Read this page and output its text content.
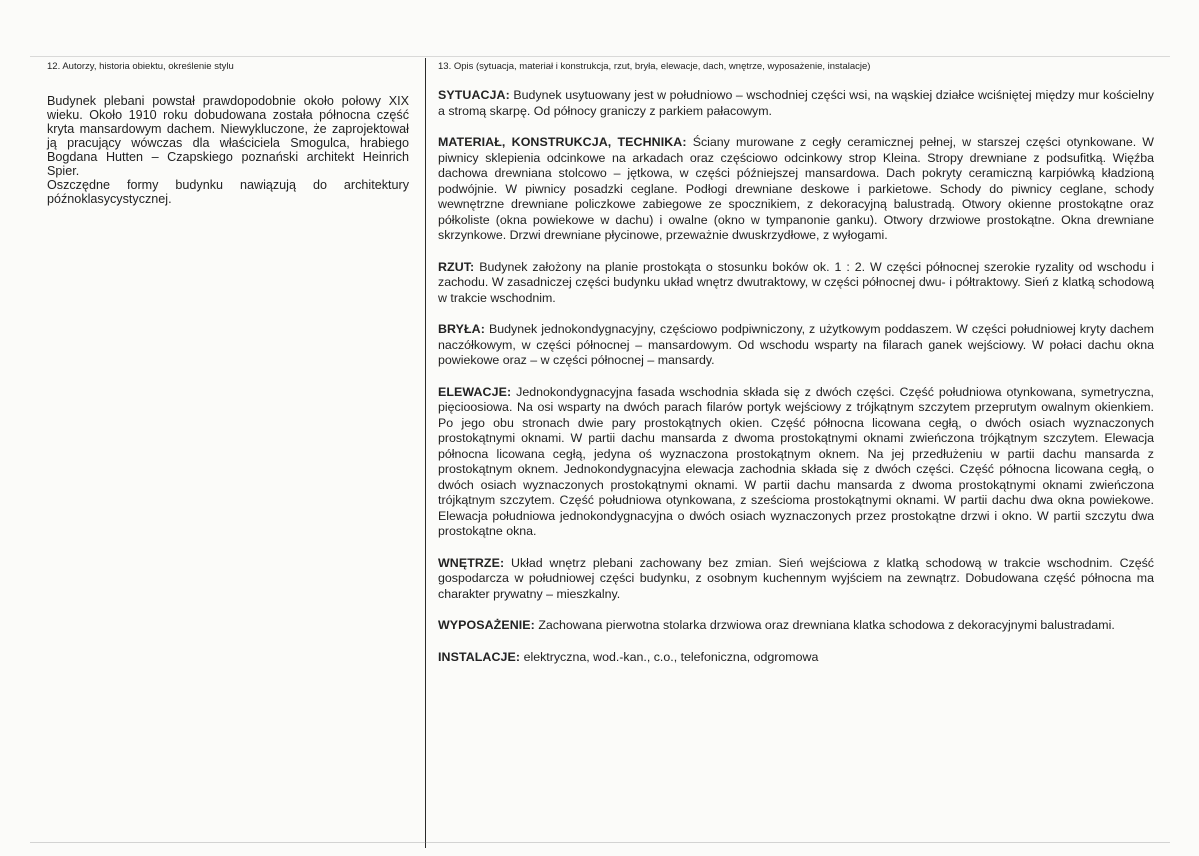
12. Autorzy, historia obiektu, określenie stylu

Budynek plebani powstał prawdopodobnie około połowy XIX wieku. Około 1910 roku dobudowana została północna część kryta mansardowym dachem. Niewykluczone, że zaprojektował ją pracujący wówczas dla właściciela Smogulca, hrabiego Bogdana Hutten – Czapskiego poznański architekt Heinrich Spier.

Oszczędne formy budynku nawiązują do architektury późnoklasycystycznej.

13. Opis (sytuacja, materiał i konstrukcja, rzut, bryła, elewacje, dach, wnętrze, wyposażenie, instalacje)

SYTUACJA: Budynek usytuowany jest w południowo – wschodniej części wsi, na wąskiej działce wciśniętej między mur kościelny a stromą skarpę. Od północy graniczy z parkiem pałacowym.

MATERIAŁ, KONSTRUKCJA, TECHNIKA: Ściany murowane z cegły ceramicznej pełnej, w starszej części otynkowane. W piwnicy sklepienia odcinkowe na arkadach oraz częściowo odcinkowy strop Kleina. Stropy drewniane z podsufitką. Więźba dachowa drewniana stolcowo – jętkowa, w części późniejszej mansardowa. Dach pokryty ceramiczną karpiówką kładzioną podwójnie. W piwnicy posadzki ceglane. Podłogi drewniane deskowe i parkietowe. Schody do piwnicy ceglane, schody wewnętrzne drewniane policzkowe zabiegowe ze spocznikiem, z dekoracyjną balustradą. Otwory okienne prostokątne oraz półkoliste (okna powiekowe w dachu) i owalne (okno w tympanonie ganku). Otwory drzwiowe prostokątne. Okna drewniane skrzynkowe. Drzwi drewniane płycinowe, przeważnie dwuskrzydłowe, z wyłogami.

RZUT: Budynek założony na planie prostokąta o stosunku boków ok. 1 : 2. W części północnej szerokie ryzality od wschodu i zachodu. W zasadniczej części budynku układ wnętrz dwutraktowy, w części północnej dwu- i półtraktowy. Sień z klatką schodową w trakcie wschodnim.

BRYŁA: Budynek jednokondygnacyjny, częściowo podpiwniczony, z użytkowym poddaszem. W części południowej kryty dachem naczółkowym, w części północnej – mansardowym. Od wschodu wsparty na filarach ganek wejściowy. W połaci dachu okna powiekowe oraz – w części północnej – mansardy.

ELEWACJE: Jednokondygnacyjna fasada wschodnia składa się z dwóch części. Część południowa otynkowana, symetryczna, pięcioosiowa. Na osi wsparty na dwóch parach filarów portyk wejściowy z trójkątnym szczytem przeprutym owalnym okienkiem. Po jego obu stronach dwie pary prostokątnych okien. Część północna licowana cegłą, o dwóch osiach wyznaczonych prostokątnymi oknami. W partii dachu mansarda z dwoma prostokątnymi oknami zwieńczona trójkątnym szczytem. Elewacja północna licowana cegłą, jedyna oś wyznaczona prostokątnym oknem. Na jej przedłużeniu w partii dachu mansarda z prostokątnym oknem. Jednokondygnacyjna elewacja zachodnia składa się z dwóch części. Część północna licowana cegłą, o dwóch osiach wyznaczonych prostokątnymi oknami. W partii dachu mansarda z dwoma prostokątnymi oknami zwieńczona trójkątnym szczytem. Część południowa otynkowana, z sześcioma prostokątnymi oknami. W partii dachu dwa okna powiekowe. Elewacja południowa jednokondygnacyjna o dwóch osiach wyznaczonych przez prostokątne drzwi i okno. W partii szczytu dwa prostokątne okna.

WNĘTRZE: Układ wnętrz plebani zachowany bez zmian. Sień wejściowa z klatką schodową w trakcie wschodnim. Część gospodarcza w południowej części budynku, z osobnym kuchennym wyjściem na zewnątrz. Dobudowana część północna ma charakter prywatny – mieszkalny.

WYPOSAŻENIE: Zachowana pierwotna stolarka drzwiowa oraz drewniana klatka schodowa z dekoracyjnymi balustradami.

INSTALACJE: elektryczna, wod.-kan., c.o., telefoniczna, odgromowa
